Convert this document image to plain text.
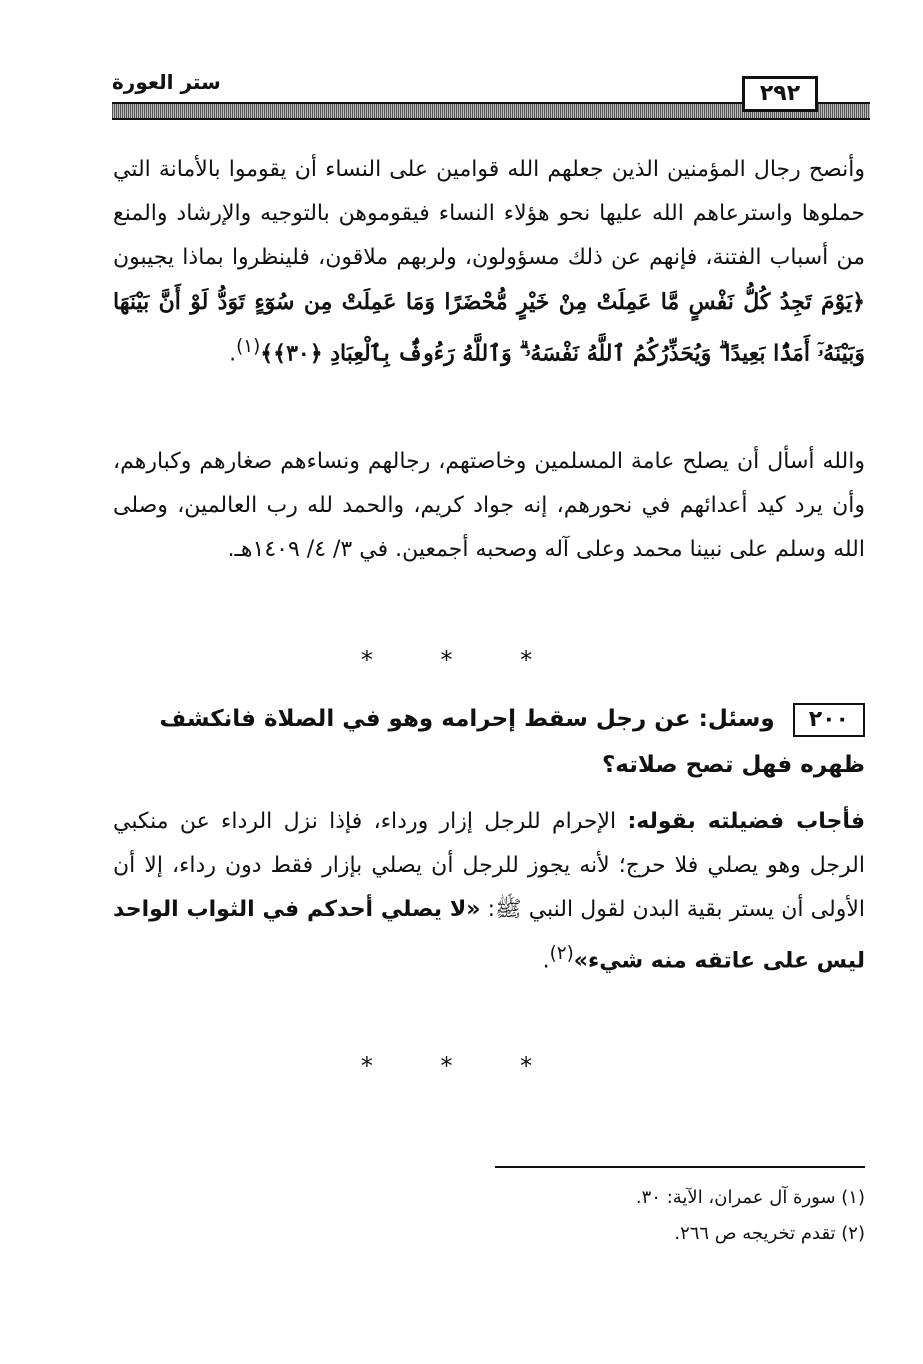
ستر العورة	٢٩٢

وأنصح رجال المؤمنين الذين جعلهم الله قوامين على النساء أن يقوموا بالأمانة التي حملوها واسترعاهم الله عليها نحو هؤلاء النساء فيقوموهن بالتوجيه والإرشاد والمنع من أسباب الفتنة، فإنهم عن ذلك مسؤولون، ولربهم ملاقون، فلينظروا بماذا يجيبون ﴿يَوْمَ تَجِدُ كُلُّ نَفْسٍ مَّا عَمِلَتْ مِنْ خَيْرٍ مُّحْضَرًا وَمَا عَمِلَتْ مِن سُوٓءٍ تَوَدُّ لَوْ أَنَّ بَيْنَهَا وَبَيْنَهُۥٓ أَمَدًۢا بَعِيدًا ۗ وَيُحَذِّرُكُمُ ٱللَّهُ نَفْسَهُۥ ۗ وَٱللَّهُ رَءُوفٌۢ بِٱلْعِبَادِ ﴿٣٠﴾﴾$^{(١)}$.

والله أسأل أن يصلح عامة المسلمين وخاصتهم، رجالهم ونساءهم صغارهم وكبارهم، وأن يرد كيد أعدائهم في نحورهم، إنه جواد كريم، والحمد لله رب العالمين، وصلى الله وسلم على نبينا محمد وعلى آله وصحبه أجمعين. في ٣/ ٤/ ١٤٠٩هـ.

* * *
٢٠٠ وسئل: عن رجل سقط إحرامه وهو في الصلاة فانكشف ظهره فهل تصح صلاته؟

فأجاب فضيلته بقوله: الإحرام للرجل إزار ورداء، فإذا نزل الرداء عن منكبي الرجل وهو يصلي فلا حرج؛ لأنه يجوز للرجل أن يصلي بإزار فقط دون رداء، إلا أن الأولى أن يستر بقية البدن لقول النبي ﷺ: «لا يصلي أحدكم في الثواب الواحد ليس على عاتقه منه شيء»$^{(٢)}$.

* * *
(١) سورة آل عمران، الآية: ٣٠.
(٢) تقدم تخريجه ص ٢٦٦.
